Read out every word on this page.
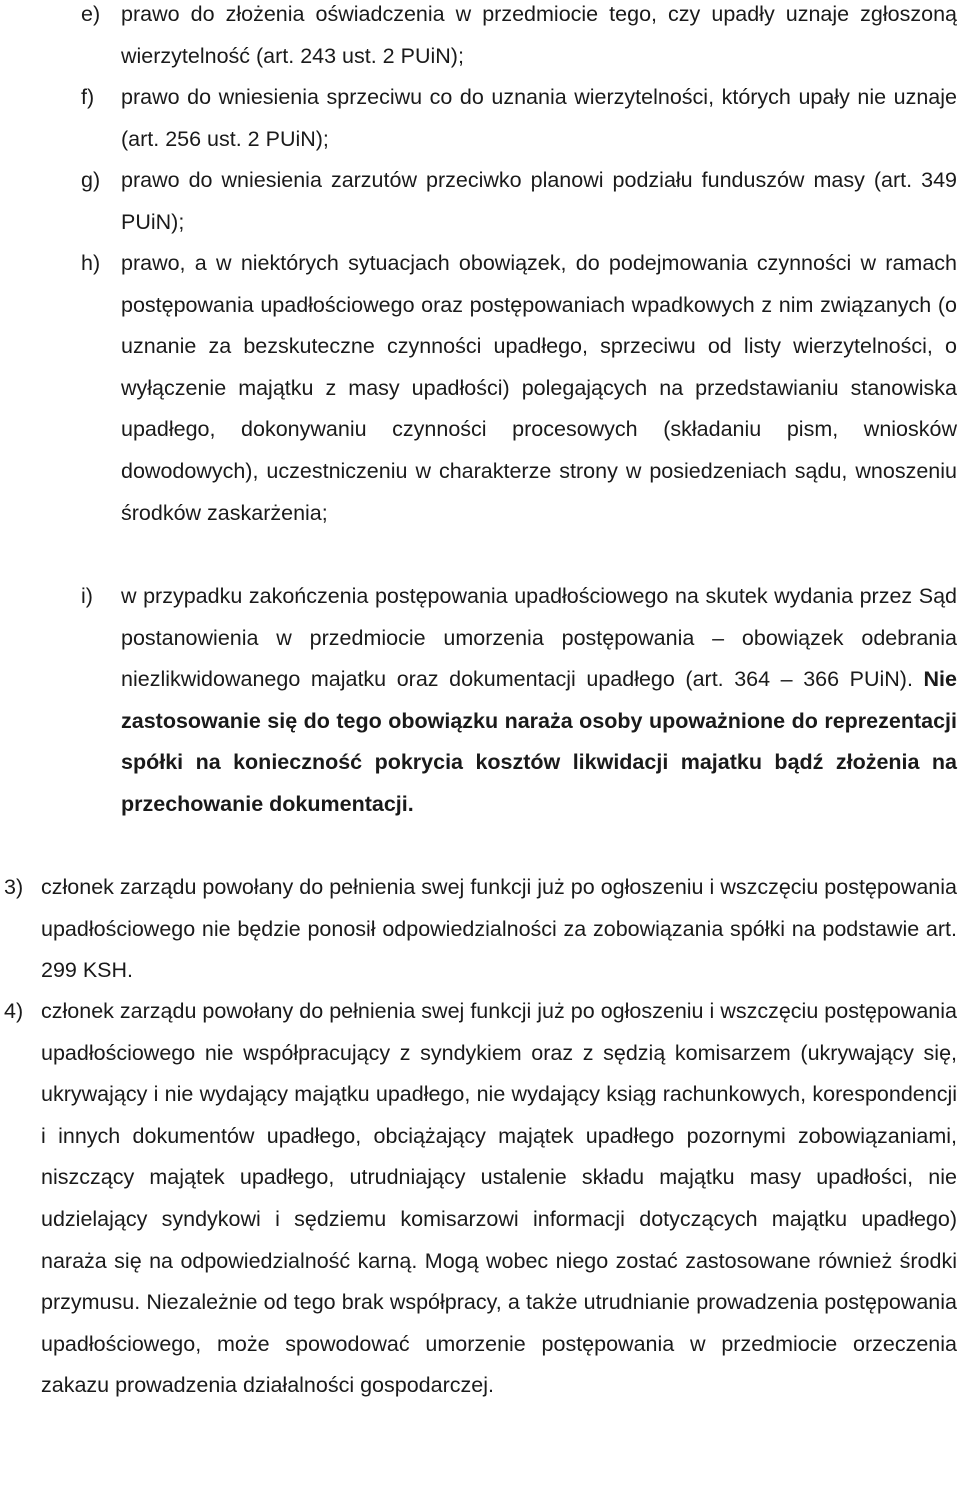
e) prawo do złożenia oświadczenia w przedmiocie tego, czy upadły uznaje zgłoszoną wierzytelność (art. 243 ust. 2 PUiN);
f) prawo do wniesienia sprzeciwu co do uznania wierzytelności, których upały nie uznaje (art. 256 ust. 2 PUiN);
g) prawo do wniesienia zarzutów przeciwko planowi podziału funduszów masy (art. 349 PUiN);
h) prawo, a w niektórych sytuacjach obowiązek, do podejmowania czynności w ramach postępowania upadłościowego oraz postępowaniach wpadkowych z nim związanych (o uznanie za bezskuteczne czynności upadłego, sprzeciwu od listy wierzytelności, o wyłączenie majątku z masy upadłości) polegających na przedstawianiu stanowiska upadłego, dokonywaniu czynności procesowych (składaniu pism, wniosków dowodowych), uczestniczeniu w charakterze strony w posiedzeniach sądu, wnoszeniu środków zaskarżenia;
i) w przypadku zakończenia postępowania upadłościowego na skutek wydania przez Sąd postanowienia w przedmiocie umorzenia postępowania – obowiązek odebrania niezlikwidowanego majatku oraz dokumentacji upadłego (art. 364 – 366 PUiN). Nie zastosowanie się do tego obowiązku naraża osoby upoważnione do reprezentacji spółki na konieczność pokrycia kosztów likwidacji majatku bądź złożenia na przechowanie dokumentacji.
3) członek zarządu powołany do pełnienia swej funkcji już po ogłoszeniu i wszczęciu postępowania upadłościowego nie będzie ponosił odpowiedzialności za zobowiązania spółki na podstawie art. 299 KSH.
4) członek zarządu powołany do pełnienia swej funkcji już po ogłoszeniu i wszczęciu postępowania upadłościowego nie współpracujący z syndykiem oraz z sędzią komisarzem (ukrywający się, ukrywający i nie wydający majątku upadłego, nie wydający ksiąg rachunkowych, korespondencji i innych dokumentów upadłego, obciążający majątek upadłego pozornymi zobowiązaniami, niszczący majątek upadłego, utrudniający ustalenie składu majątku masy upadłości, nie udzielający syndykowi i sędziemu komisarzowi informacji dotyczących majątku upadłego) naraża się na odpowiedzialność karną. Mogą wobec niego zostać zastosowane również środki przymusu. Niezależnie od tego brak współpracy, a także utrudnianie prowadzenia postępowania upadłościowego, może spowodować umorzenie postępowania w przedmiocie orzeczenia zakazu prowadzenia działalności gospodarczej.
